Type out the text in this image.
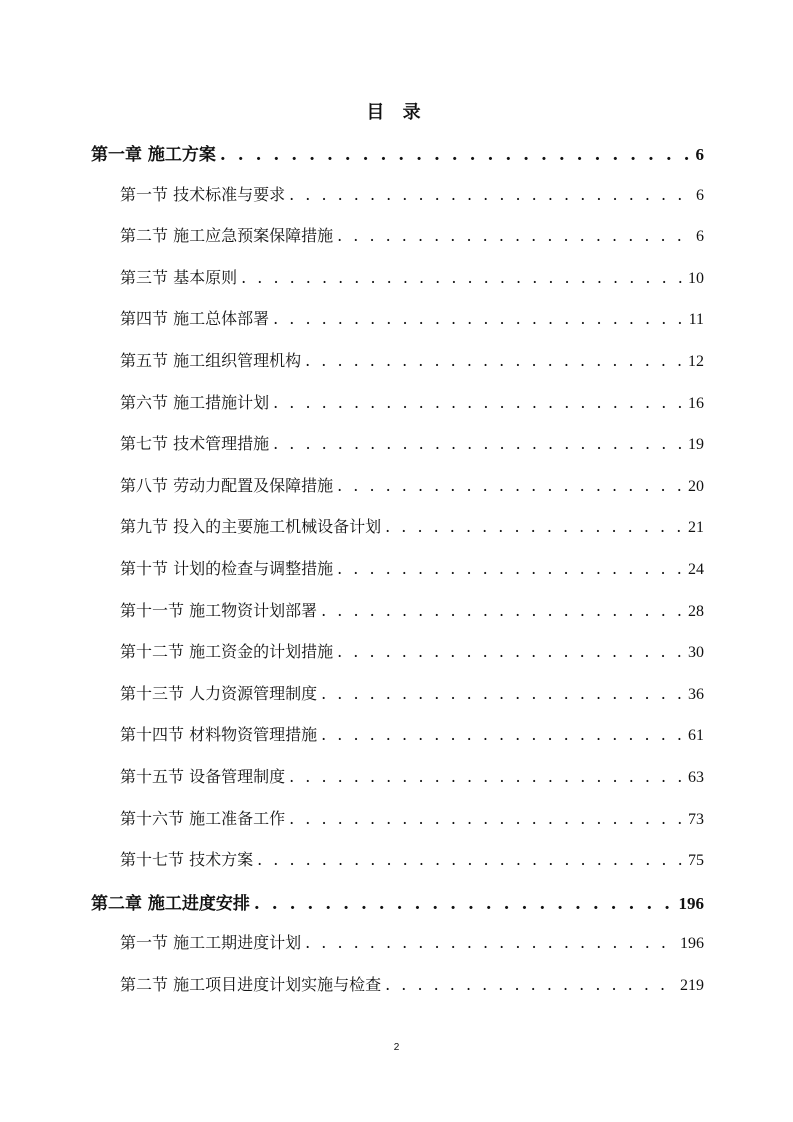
目 录
第一章 施工方案 . . .	6
第一节 技术标准与要求 . . .	6
第二节 施工应急预案保障措施 . . .	6
第三节 基本原则 . . .	10
第四节 施工总体部署 . . .	11
第五节 施工组织管理机构 . . .	12
第六节 施工措施计划 . . .	16
第七节 技术管理措施 . . .	19
第八节 劳动力配置及保障措施 . . .	20
第九节 投入的主要施工机械设备计划 . . .	21
第十节 计划的检查与调整措施 . . .	24
第十一节 施工物资计划部署 . . .	28
第十二节 施工资金的计划措施 . . .	30
第十三节 人力资源管理制度 . . .	36
第十四节 材料物资管理措施 . . .	61
第十五节 设备管理制度 . . .	63
第十六节 施工准备工作 . . .	73
第十七节 技术方案 . . .	75
第二章 施工进度安排 . . .	196
第一节 施工工期进度计划 . . .	196
第二节 施工项目进度计划实施与检查 . . .	219
2
